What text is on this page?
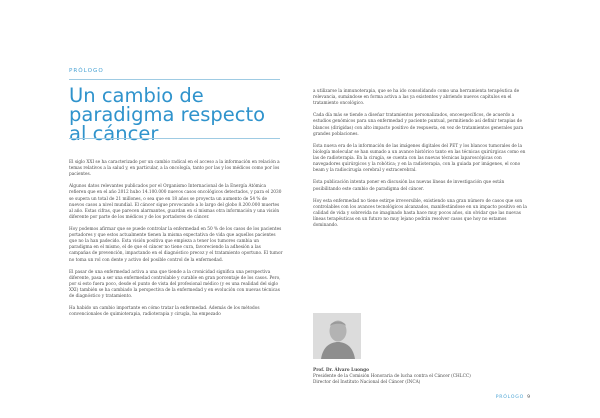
PRÓLOGO
Un cambio de paradigma respecto al cáncer

El siglo XXI se ha caracterizado por un cambio radical en el acceso a la información en relación a temas relativos a la salud y, en particular, a la oncología, tanto por las y los médicos como por los pacientes.

Algunos datos relevantes publicados por el Organismo Internacional de la Energía Atómica refieren que en el año 2012 hubo 14.100.000 nuevos casos oncológicos detectados, y para el 2030 se supera un total de 21 millones, o sea que en 18 años se proyecta un aumento de 54 % de nuevos casos a nivel mundial. El cáncer sigue provocando a lo largo del globo 8.200.000 muertes al año. Estas cifras, que parecen alarmantes, guardan en sí mismas otra información y una visión diferente por parte de los médicos y de los portadores de cáncer.

Hoy podemos afirmar que se puede controlar la enfermedad en 50 % de los casos de los pacientes portadores y que estos actualmente tienen la misma expectativa de vida que aquellos pacientes que no la han padecido. Esta visión positiva que empieza a tener los tumores cambia un paradigma en el mismo, el de que el cáncer no tiene cura, favoreciendo la adhesión a las campañas de prevención, impactando en el diagnóstico precoz y el tratamiento oportuno. El tumor no toma un rol con dente y activo del posible control de la enfermedad.

El pasar de una enfermedad activa a una que tiende a la cronicidad significa una perspectiva diferente, pasa a ser una enfermedad controlable y curable en gran porcentaje de los casos. Pero, por si esto fuera poco, desde el punto de vista del profesional médico (y es una realidad del siglo XXI) también se ha cambiado la perspectiva de la enfermedad y en evolución con nuevas técnicas de diagnóstico y tratamiento.

Ha habido un cambio importante en cómo tratar la enfermedad. Además de los métodos convencionales de quimioterapia, radioterapia y cirugía, ha empezado

a utilizarse la inmunoterapia, que se ha ido consolidando como una herramienta terapéutica de relevancia, sumándose en forma activa a las ya existentes y abriendo nuevos capítulos en el tratamiento oncológico.

Cada día más se tiende a diseñar tratamientos personalizados, oncoespecíficos, de acuerdo a estudios genómicos para una enfermedad y paciente puntual, permitiendo así definir terapias de blancos (dirigidas) con alto impacto positivo de respuesta, en vez de tratamientos generales para grandes poblaciones.

Esta nueva era de la información de las imágenes digitales del PET y los blancos tumorales de la biología molecular se han sumado a un avance histórico tanto en las técnicas quirúrgicas como en las de radioterapia. En la cirugía, se cuenta con las nuevas técnicas laparoscópicas con navegadores quirúrgicos y la robótica; y en la radioterapia, con la guiada por imágenes, el cono beam y la radiocirugía cerebral y extracerebral.

Esta publicación intenta poner en discusión las nuevas líneas de investigación que están posibilitando este cambio de paradigma del cáncer.

Hoy esta enfermedad no tiene estirpe irreversible, existiendo una gran número de casos que son controlables con los avances tecnológicos alcanzados, manifestándose en un impacto positivo en la calidad de vida y sobrevida no imaginado hasta hace muy pocos años, sin olvidar que las nuevas líneas terapéuticas en un futuro no muy lejano podrán resolver casos que hoy no estamos dominando.

Prof. Dr. Álvaro Luongo
Presidente de la Comisión Honoraria de lucha contra el Cáncer (CHLCC)
Director del Instituto Nacional del Cáncer (INCA)
PRÓLOGO 9
